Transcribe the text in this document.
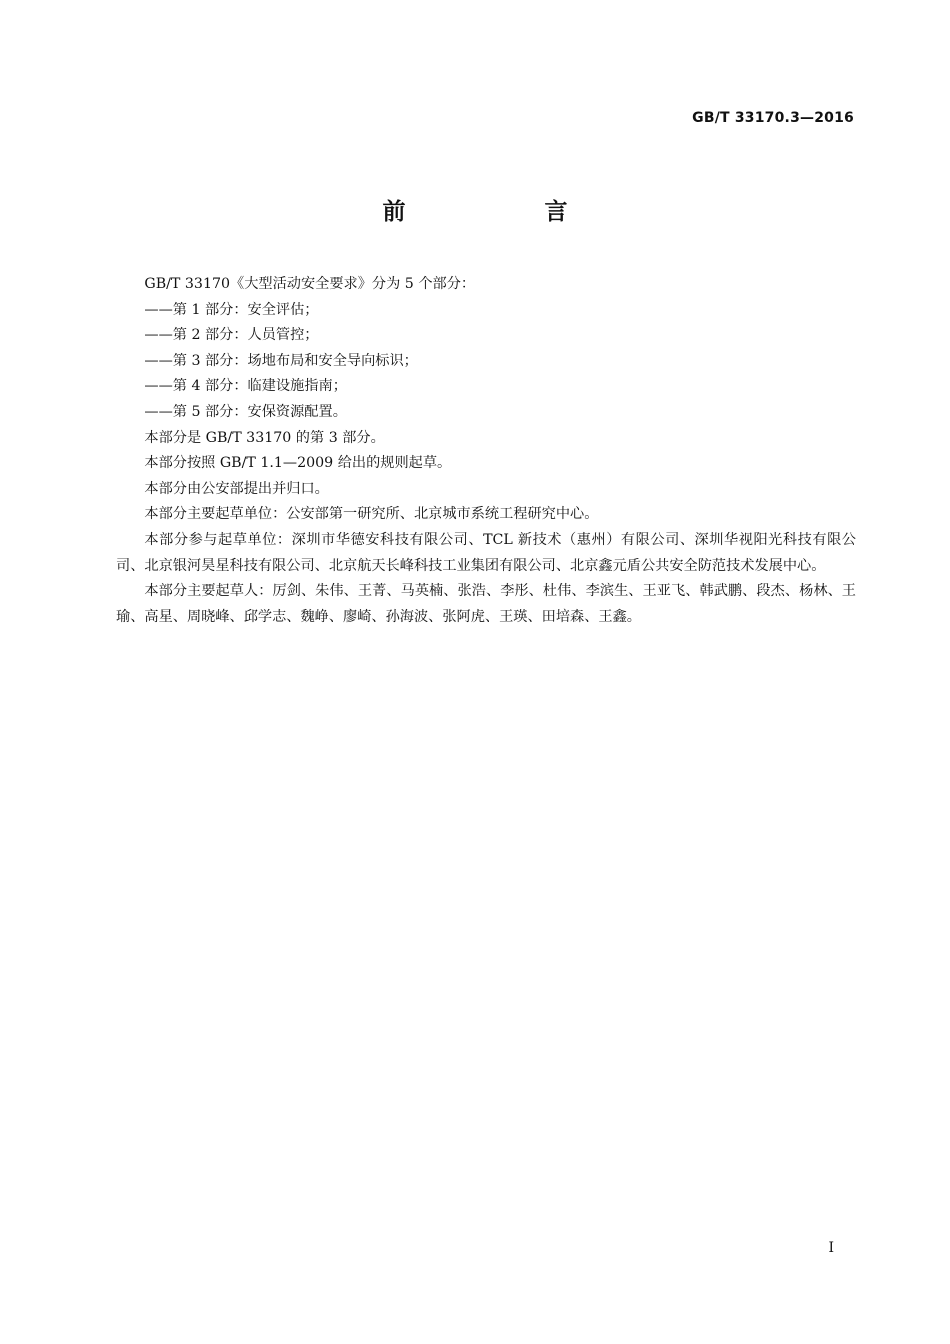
GB/T 33170.3—2016
前　言

GB/T 33170《大型活动安全要求》分为 5 个部分：

——第 1 部分：安全评估；

——第 2 部分：人员管控；

——第 3 部分：场地布局和安全导向标识；

——第 4 部分：临建设施指南；

——第 5 部分：安保资源配置。

本部分是 GB/T 33170 的第 3 部分。

本部分按照 GB/T 1.1—2009 给出的规则起草。

本部分由公安部提出并归口。

本部分主要起草单位：公安部第一研究所、北京城市系统工程研究中心。

本部分参与起草单位：深圳市华德安科技有限公司、TCL 新技术（惠州）有限公司、深圳华视阳光科技有限公司、北京银河昊星科技有限公司、北京航天长峰科技工业集团有限公司、北京鑫元盾公共安全防范技术发展中心。

本部分主要起草人：厉剑、朱伟、王菁、马英楠、张浩、李彤、杜伟、李滨生、王亚飞、韩武鹏、段杰、杨林、王瑜、高星、周晓峰、邱学志、魏峥、廖崎、孙海波、张阿虎、王瑛、田培森、王鑫。

I
